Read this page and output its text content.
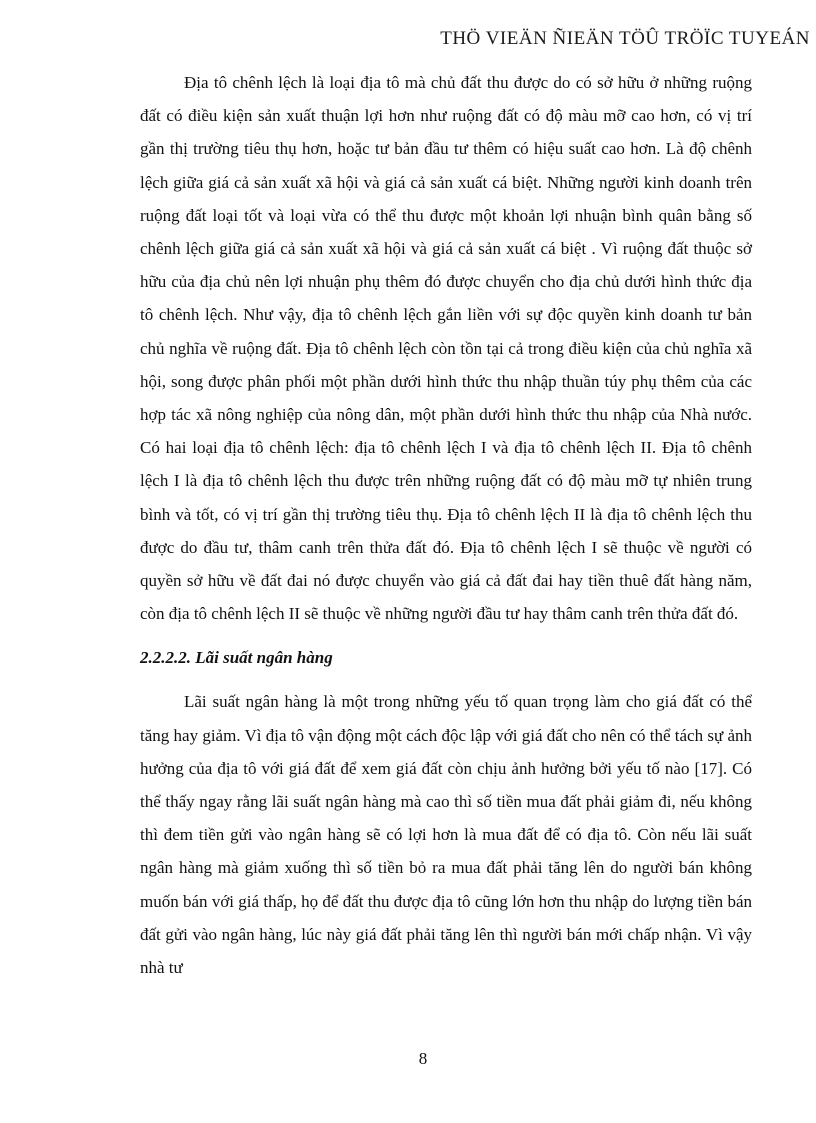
THÖ VIEÄN ÑIEÄN TÖÛ TRÖÏC TUYEÁN

Địa tô chênh lệch là loại địa tô mà chủ đất thu được do có sở hữu ở những ruộng đất có điều kiện sản xuất thuận lợi hơn như ruộng đất có độ màu mỡ cao hơn, có vị trí gần thị trường tiêu thụ hơn, hoặc tư bản đầu tư thêm có hiệu suất cao hơn. Là độ chênh lệch giữa giá cả sản xuất xã hội và giá cả sản xuất cá biệt. Những người kinh doanh trên ruộng đất loại tốt và loại vừa có thể thu được một khoản lợi nhuận bình quân bằng số chênh lệch giữa giá cả sản xuất xã hội và giá cả sản xuất cá biệt . Vì ruộng đất thuộc sở hữu của địa chủ nên lợi nhuận phụ thêm đó được chuyển cho địa chủ dưới hình thức địa tô chênh lệch. Như vậy, địa tô chênh lệch gắn liền với sự độc quyền kinh doanh tư bản chủ nghĩa về ruộng đất. Địa tô chênh lệch còn tồn tại cả trong điều kiện của chủ nghĩa xã hội, song được phân phối một phần dưới hình thức thu nhập thuần túy phụ thêm của các hợp tác xã nông nghiệp của nông dân, một phần dưới hình thức thu nhập của Nhà nước. Có hai loại địa tô chênh lệch: địa tô chênh lệch I và địa tô chênh lệch II. Địa tô chênh lệch I là địa tô chênh lệch thu được trên những ruộng đất có độ màu mỡ tự nhiên trung bình và tốt, có vị trí gần thị trường tiêu thụ. Địa tô chênh lệch II là địa tô chênh lệch thu được do đầu tư, thâm canh trên thửa đất đó. Địa tô chênh lệch I sẽ thuộc về người có quyền sở hữu về đất đai nó được chuyển vào giá cả đất đai hay tiền thuê đất hàng năm, còn địa tô chênh lệch II sẽ thuộc về những người đầu tư hay thâm canh trên thửa đất đó.

2.2.2.2. Lãi suất ngân hàng

Lãi suất ngân hàng là một trong những yếu tố quan trọng làm cho giá đất có thể tăng hay giảm. Vì địa tô vận động một cách độc lập với giá đất cho nên có thể tách sự ảnh hưởng của địa tô với giá đất để xem giá đất còn chịu ảnh hưởng bởi yếu tố nào [17]. Có thể thấy ngay rằng lãi suất ngân hàng mà cao thì số tiền mua đất phải giảm đi, nếu không thì đem tiền gửi vào ngân hàng sẽ có lợi hơn là mua đất để có địa tô. Còn nếu lãi suất ngân hàng mà giảm xuống thì số tiền bỏ ra mua đất phải tăng lên do người bán không muốn bán với giá thấp, họ để đất thu được địa tô cũng lớn hơn thu nhập do lượng tiền bán đất gửi vào ngân hàng, lúc này giá đất phải tăng lên thì người bán mới chấp nhận. Vì vậy nhà tư

8
